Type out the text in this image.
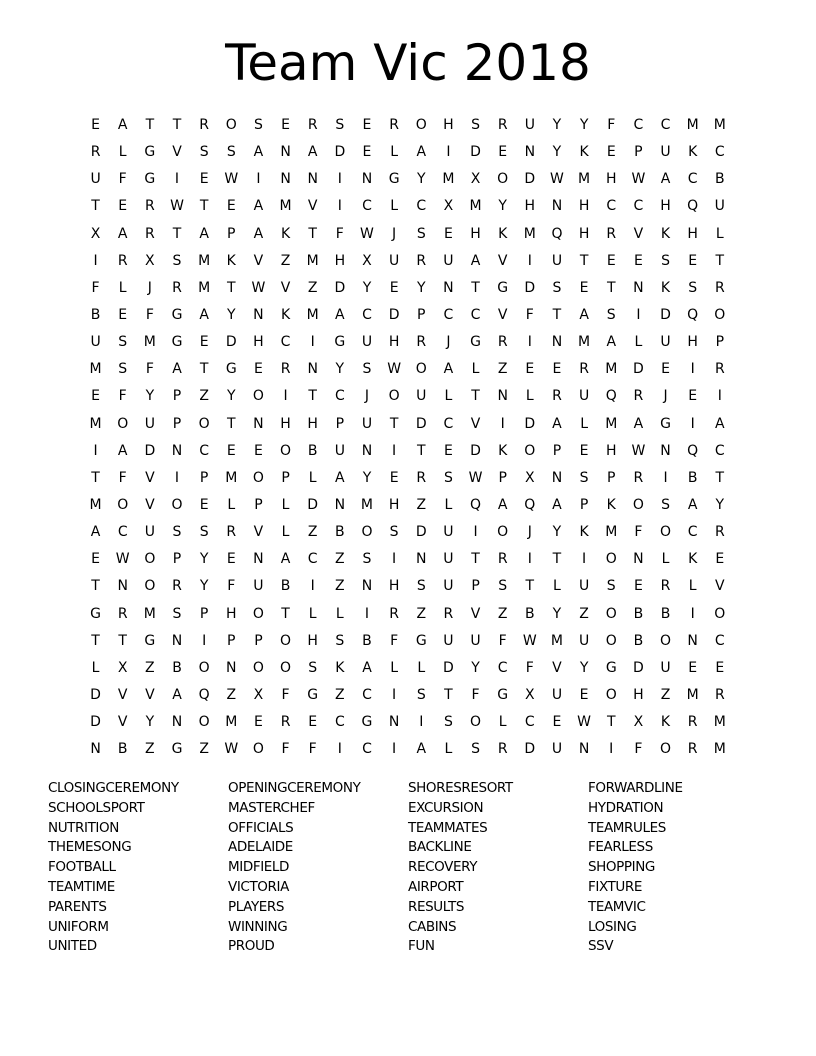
Team Vic 2018
E	A	T	T	R	O	S	E	R	S	E	R	O	H	S	R	U	Y	Y	F	C	C	M	M
R	L	G	V	S	S	A	N	A	D	E	L	A	I	D	E	N	Y	K	E	P	U	K	C
U	F	G	I	E	W	I	N	N	I	N	G	Y	M	X	O	D	W	M	H	W	A	C	B
T	E	R	W	T	E	A	M	V	I	C	L	C	X	M	Y	H	N	H	C	C	H	Q	U
X	A	R	T	A	P	A	K	T	F	W	J	S	E	H	K	M	Q	H	R	V	K	H	L
I	R	X	S	M	K	V	Z	M	H	X	U	R	U	A	V	I	U	T	E	E	S	E	T
F	L	J	R	M	T	W	V	Z	D	Y	E	Y	N	T	G	D	S	E	T	N	K	S	R
B	E	F	G	A	Y	N	K	M	A	C	D	P	C	C	V	F	T	A	S	I	D	Q	O
U	S	M	G	E	D	H	C	I	G	U	H	R	J	G	R	I	N	M	A	L	U	H	P
M	S	F	A	T	G	E	R	N	Y	S	W	O	A	L	Z	E	E	R	M	D	E	I	R
E	F	Y	P	Z	Y	O	I	T	C	J	O	U	L	T	N	L	R	U	Q	R	J	E	I
M	O	U	P	O	T	N	H	H	P	U	T	D	C	V	I	D	A	L	M	A	G	I	A
I	A	D	N	C	E	E	O	B	U	N	I	T	E	D	K	O	P	E	H	W	N	Q	C
T	F	V	I	P	M	O	P	L	A	Y	E	R	S	W	P	X	N	S	P	R	I	B	T
M	O	V	O	E	L	P	L	D	N	M	H	Z	L	Q	A	Q	A	P	K	O	S	A	Y
A	C	U	S	S	R	V	L	Z	B	O	S	D	U	I	O	J	Y	K	M	F	O	C	R
E	W	O	P	Y	E	N	A	C	Z	S	I	N	U	T	R	I	T	I	O	N	L	K	E
T	N	O	R	Y	F	U	B	I	Z	N	H	S	U	P	S	T	L	U	S	E	R	L	V
G	R	M	S	P	H	O	T	L	L	I	R	Z	R	V	Z	B	Y	Z	O	B	B	I	O
T	T	G	N	I	P	P	O	H	S	B	F	G	U	U	F	W	M	U	O	B	O	N	C
L	X	Z	B	O	N	O	O	S	K	A	L	L	D	Y	C	F	V	Y	G	D	U	E	E
D	V	V	A	Q	Z	X	F	G	Z	C	I	S	T	F	G	X	U	E	O	H	Z	M	R
D	V	Y	N	O	M	E	R	E	C	G	N	I	S	O	L	C	E	W	T	X	K	R	M
N	B	Z	G	Z	W	O	F	F	I	C	I	A	L	S	R	D	U	N	I	F	O	R	M
CLOSINGCEREMONY
SCHOOLSPORT
NUTRITION
THEMESONG
FOOTBALL
TEAMTIME
PARENTS
UNIFORM
UNITED
OPENINGCEREMONY
MASTERCHEF
OFFICIALS
ADELAIDE
MIDFIELD
VICTORIA
PLAYERS
WINNING
PROUD
SHORESRESORT
EXCURSION
TEAMMATES
BACKLINE
RECOVERY
AIRPORT
RESULTS
CABINS
FUN
FORWARDLINE
HYDRATION
TEAMRULES
FEARLESS
SHOPPING
FIXTURE
TEAMVIC
LOSING
SSV
